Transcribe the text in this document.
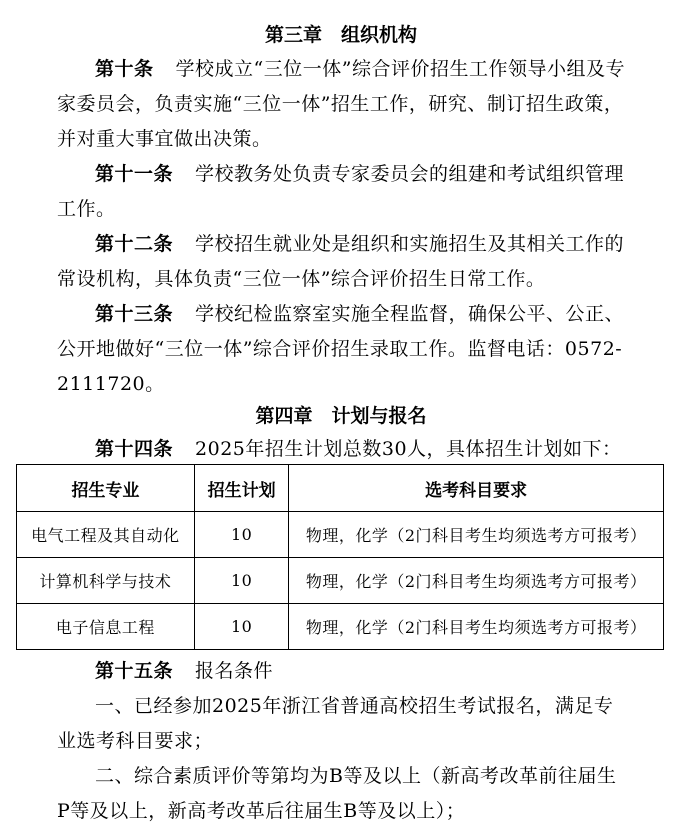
第三章　组织机构

第十条 学校成立“三位一体”综合评价招生工作领导小组及专家委员会，负责实施“三位一体”招生工作，研究、制订招生政策，并对重大事宜做出决策。

第十一条 学校教务处负责专家委员会的组建和考试组织管理工作。

第十二条 学校招生就业处是组织和实施招生及其相关工作的常设机构，具体负责“三位一体”综合评价招生日常工作。

第十三条 学校纪检监察室实施全程监督，确保公平、公正、公开地做好“三位一体”综合评价招生录取工作。监督电话：0572-2111720。

第四章　计划与报名

第十四条 2025年招生计划总数30人，具体招生计划如下：

招生专业	招生计划	选考科目要求
电气工程及其自动化	10	物理，化学（2门科目考生均须选考方可报考）
计算机科学与技术	10	物理，化学（2门科目考生均须选考方可报考）
电子信息工程	10	物理，化学（2门科目考生均须选考方可报考）

第十五条 报名条件

一、已经参加2025年浙江省普通高校招生考试报名，满足专业选考科目要求；

二、综合素质评价等第均为B等及以上（新高考改革前往届生P等及以上，新高考改革后往届生B等及以上）；
